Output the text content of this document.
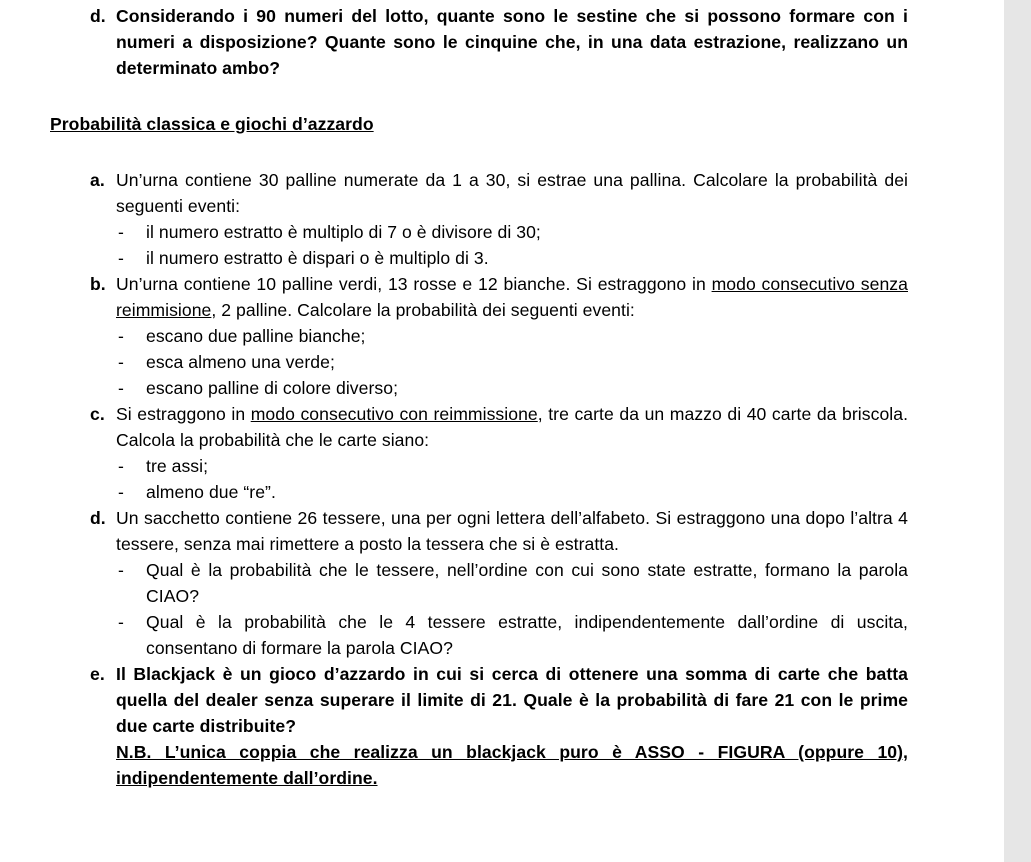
d. Considerando i 90 numeri del lotto, quante sono le sestine che si possono formare con i numeri a disposizione? Quante sono le cinquine che, in una data estrazione, realizzano un determinato ambo?
Probabilità classica e giochi d’azzardo
a. Un’urna contiene 30 palline numerate da 1 a 30, si estrae una pallina. Calcolare la probabilità dei seguenti eventi:
- il numero estratto è multiplo di 7 o è divisore di 30;
- il numero estratto è dispari o è multiplo di 3.
b. Un’urna contiene 10 palline verdi, 13 rosse e 12 bianche. Si estraggono in modo consecutivo senza reimmisione, 2 palline. Calcolare la probabilità dei seguenti eventi:
- escano due palline bianche;
- esca almeno una verde;
- escano palline di colore diverso;
c. Si estraggono in modo consecutivo con reimmissione, tre carte da un mazzo di 40 carte da briscola. Calcola la probabilità che le carte siano:
- tre assi;
- almeno due “re”.
d. Un sacchetto contiene 26 tessere, una per ogni lettera dell’alfabeto. Si estraggono una dopo l’altra 4 tessere, senza mai rimettere a posto la tessera che si è estratta.
- Qual è la probabilità che le tessere, nell’ordine con cui sono state estratte, formano la parola CIAO?
- Qual è la probabilità che le 4 tessere estratte, indipendentemente dall’ordine di uscita, consentano di formare la parola CIAO?
e. Il Blackjack è un gioco d’azzardo in cui si cerca di ottenere una somma di carte che batta quella del dealer senza superare il limite di 21. Quale è la probabilità di fare 21 con le prime due carte distribuite?
N.B. L’unica coppia che realizza un blackjack puro è ASSO - FIGURA (oppure 10),
indipendentemente dall’ordine.
